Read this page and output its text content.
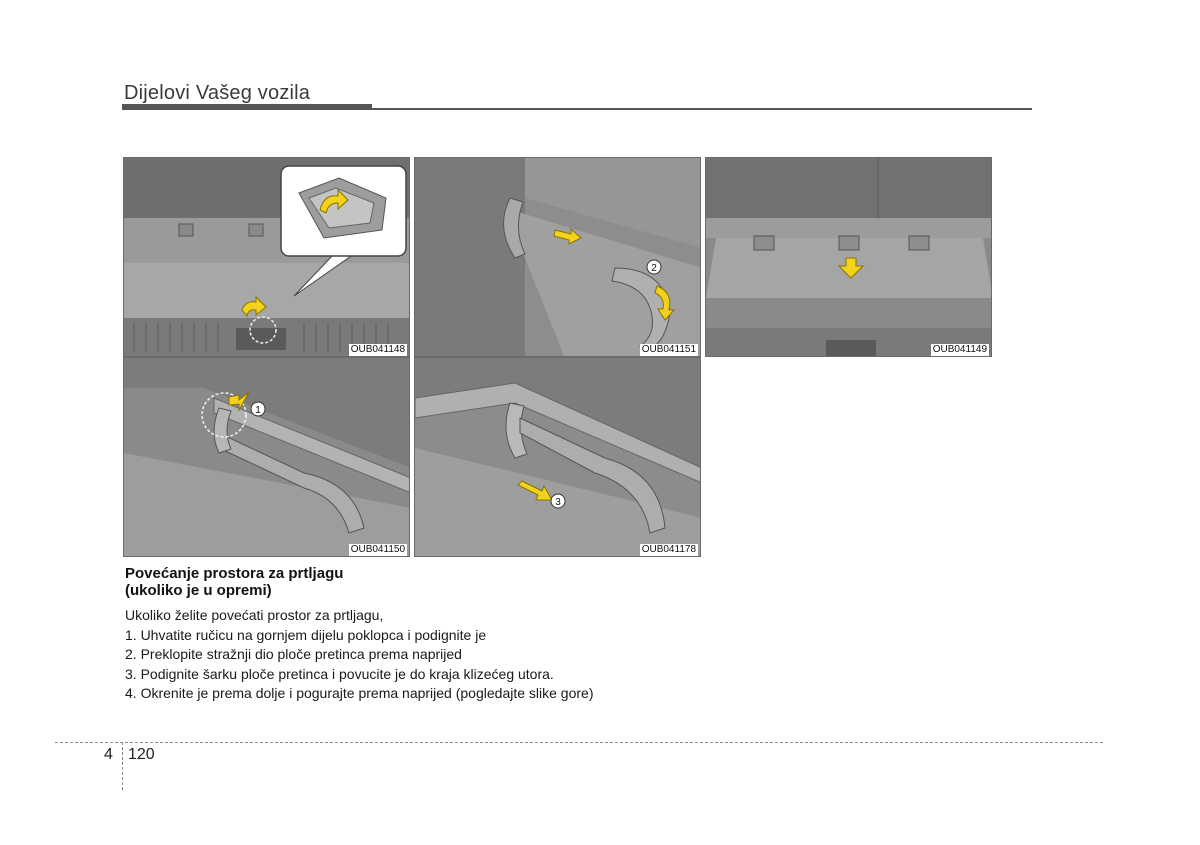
Dijelovi Vašeg vozila
OUB041148
2
OUB041151	OUB041149
1
OUB041150
3
OUB041178
Povećanje prostora za prtljagu
(ukoliko je u opremi)
Ukoliko želite povećati prostor za prtljagu,
1. Uhvatite ručicu na gornjem dijelu poklopca i podignite je
2. Preklopite stražnji dio ploče pretinca prema naprijed
3. Podignite šarku ploče pretinca i povucite je do kraja klizećeg utora.
4. Okrenite je prema dolje i pogurajte prema naprijed (pogledajte slike gore)
4 120
